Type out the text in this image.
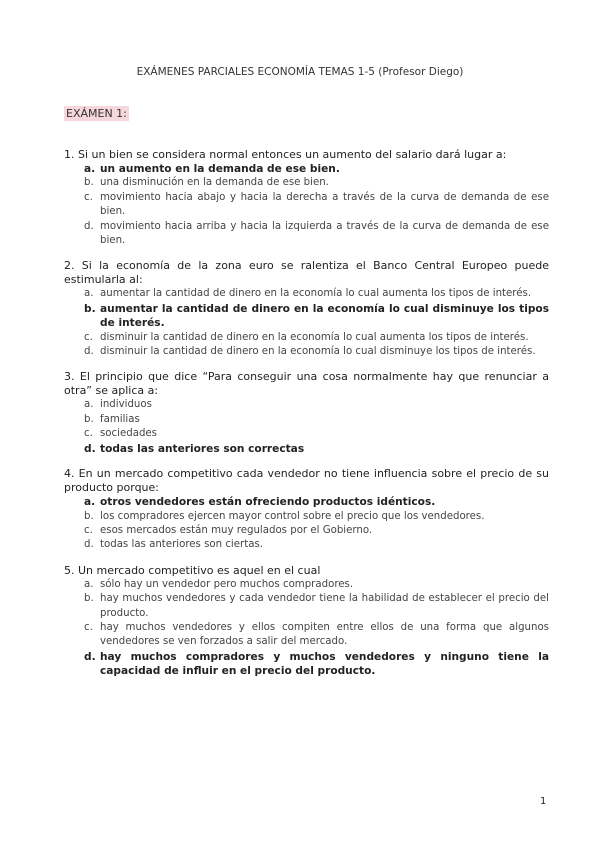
EXÁMENES PARCIALES ECONOMÍA TEMAS 1-5 (Profesor Diego)
EXÁMEN 1:
1. Si un bien se considera normal entonces un aumento del salario dará lugar a:
a. un aumento en la demanda de ese bien.
b. una disminución en la demanda de ese bien.
c. movimiento hacia abajo y hacia la derecha a través de la curva de demanda de ese bien.
d. movimiento hacia arriba y hacia la izquierda a través de la curva de demanda de ese bien.
2. Si la economía de la zona euro se ralentiza el Banco Central Europeo puede estimularla al:
a. aumentar la cantidad de dinero en la economía lo cual aumenta los tipos de interés.
b. aumentar la cantidad de dinero en la economía lo cual disminuye los tipos de interés.
c. disminuir la cantidad de dinero en la economía lo cual aumenta los tipos de interés.
d. disminuir la cantidad de dinero en la economía lo cual disminuye los tipos de interés.
3. El principio que dice “Para conseguir una cosa normalmente hay que renunciar a otra” se aplica a:
a. individuos
b. familias
c. sociedades
d. todas las anteriores son correctas
4. En un mercado competitivo cada vendedor no tiene influencia sobre el precio de su producto porque:
a. otros vendedores están ofreciendo productos idénticos.
b. los compradores ejercen mayor control sobre el precio que los vendedores.
c. esos mercados están muy regulados por el Gobierno.
d. todas las anteriores son ciertas.
5. Un mercado competitivo es aquel en el cual
a. sólo hay un vendedor pero muchos compradores.
b. hay muchos vendedores y cada vendedor tiene la habilidad de establecer el precio del producto.
c. hay muchos vendedores y ellos compiten entre ellos de una forma que algunos vendedores se ven forzados a salir del mercado.
d. hay muchos compradores y muchos vendedores y ninguno tiene la capacidad de influir en el precio del producto.
1
